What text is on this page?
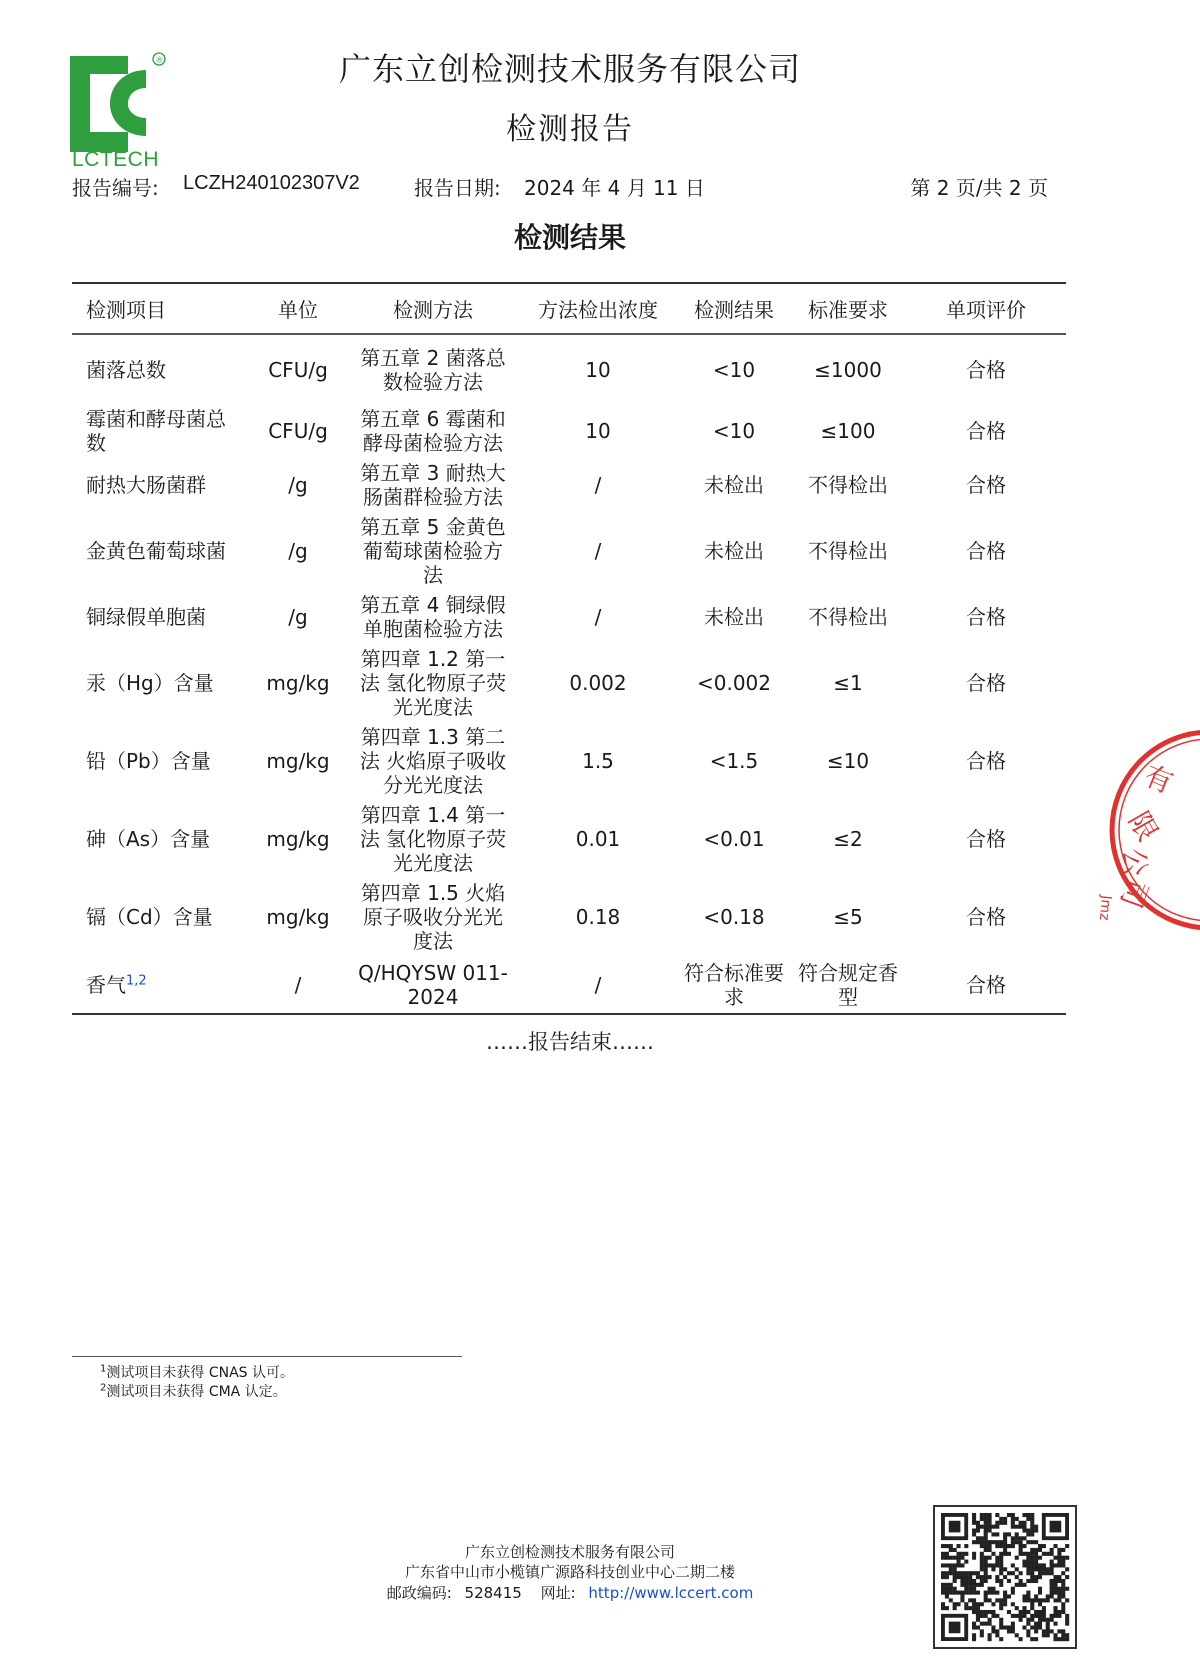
®
LCTECH
广东立创检测技术服务有限公司
检测报告
报告编号: LCZH240102307V2	报告日期: 2024 年 4 月 11 日	第 2 页/共 2 页
检测结果
检测项目	单位	检测方法	方法检出浓度	检测结果	标准要求	单项评价
菌落总数	CFU/g	第五章 2 菌落总数检验方法	10	<10	≤1000	合格
霉菌和酵母菌总数	CFU/g	第五章 6 霉菌和酵母菌检验方法	10	<10	≤100	合格
耐热大肠菌群	/g	第五章 3 耐热大肠菌群检验方法	/	未检出	不得检出	合格
金黄色葡萄球菌	/g	第五章 5 金黄色葡萄球菌检验方法	/	未检出	不得检出	合格
铜绿假单胞菌	/g	第五章 4 铜绿假单胞菌检验方法	/	未检出	不得检出	合格
汞（Hg）含量	mg/kg	第四章 1.2 第一法 氢化物原子荧光光度法	0.002	<0.002	≤1	合格
铅（Pb）含量	mg/kg	第四章 1.3 第二法 火焰原子吸收分光光度法	1.5	<1.5	≤10	合格
砷（As）含量	mg/kg	第四章 1.4 第一法 氢化物原子荧光光度法	0.01	<0.01	≤2	合格
镉（Cd）含量	mg/kg	第四章 1.5 火焰原子吸收分光光度法	0.18	<0.18	≤5	合格
香气$^{1,2}$	/	Q/HQYSW 011-2024	/	符合标准要求	符合规定香型	合格
……报告结束……
$^1$测试项目未获得 CNAS 认可。
$^2$测试项目未获得 CMA 认定。
有
限
公
司
Jmz
广东立创检测技术服务有限公司
广东省中山市小榄镇广源路科技创业中心二期二楼
邮政编码: 528415 网址: http://www.lccert.com
